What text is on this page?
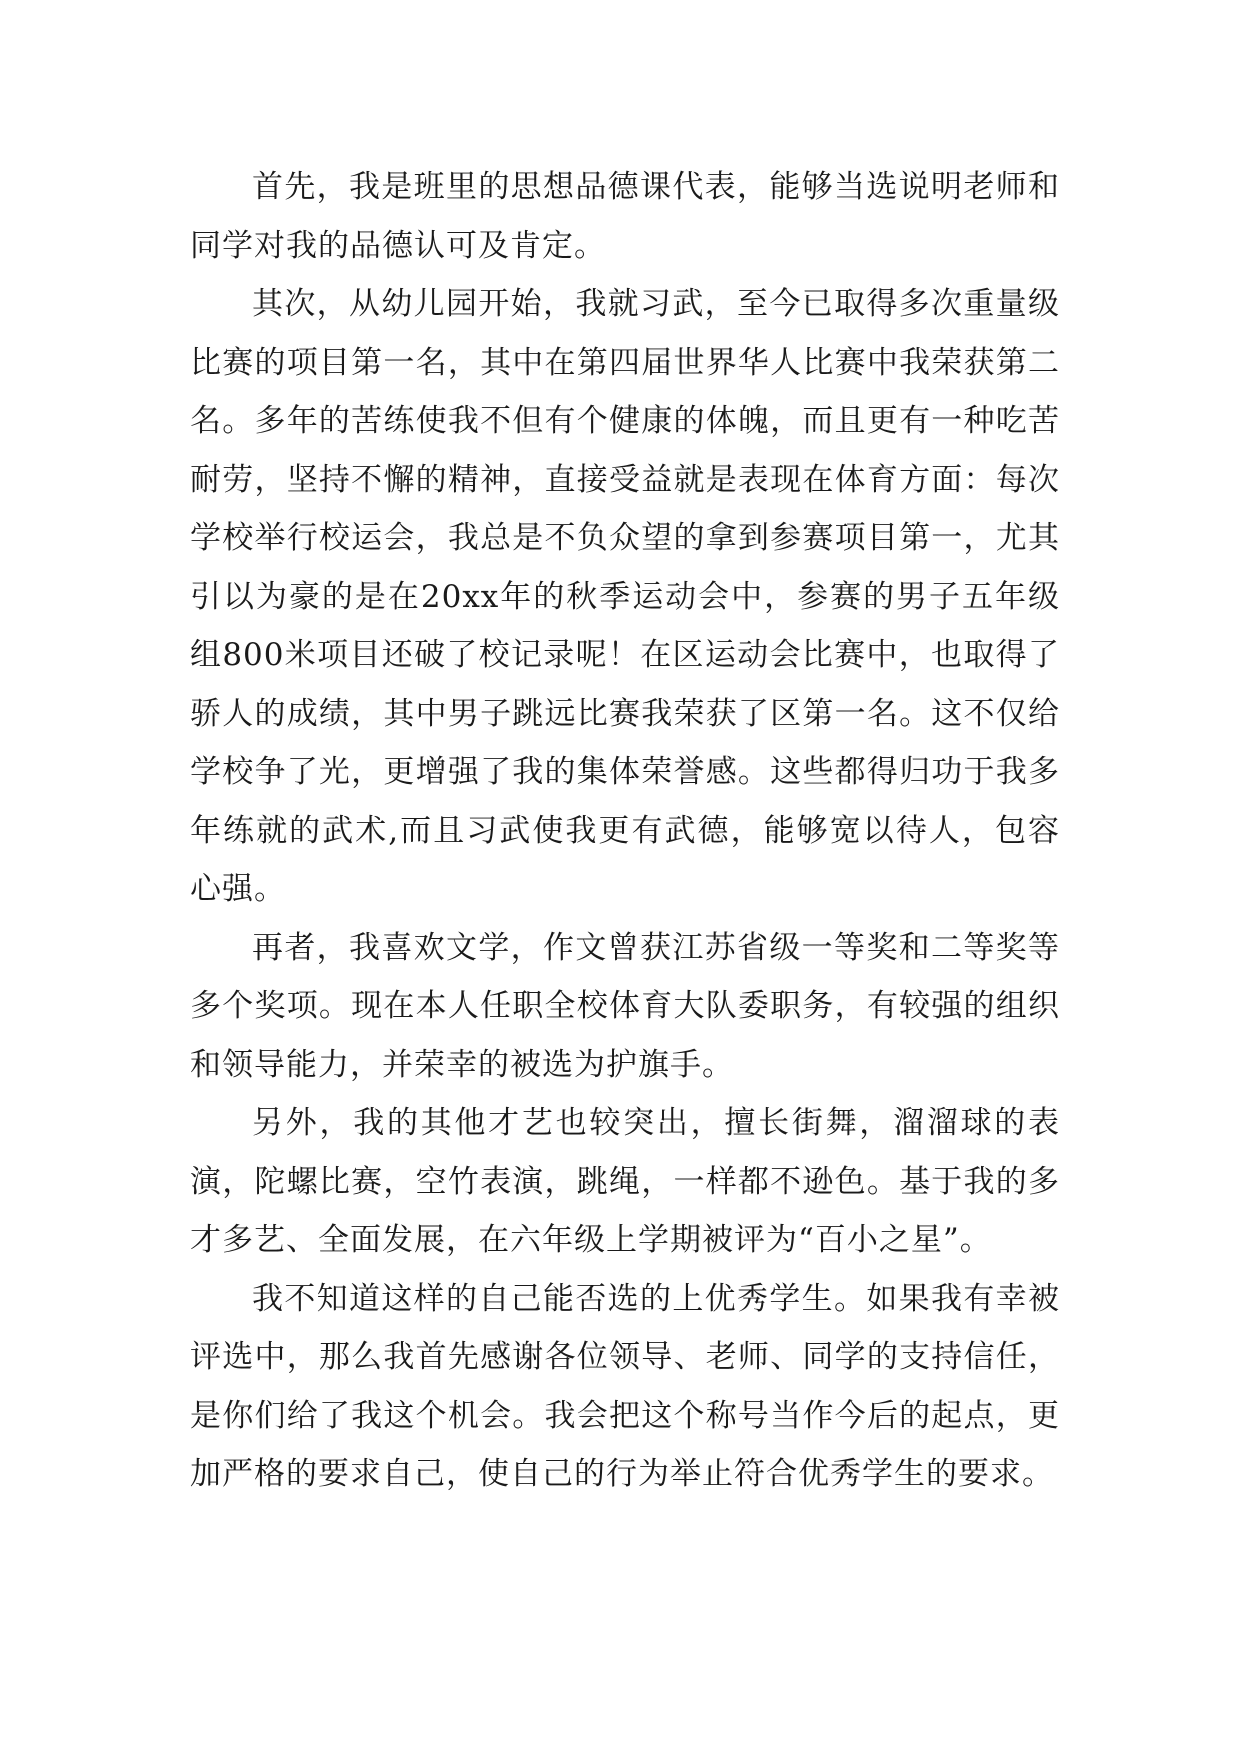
首先，我是班里的思想品德课代表，能够当选说明老师和同学对我的品德认可及肯定。

其次，从幼儿园开始，我就习武，至今已取得多次重量级比赛的项目第一名，其中在第四届世界华人比赛中我荣获第二名。多年的苦练使我不但有个健康的体魄，而且更有一种吃苦耐劳，坚持不懈的精神，直接受益就是表现在体育方面：每次学校举行校运会，我总是不负众望的拿到参赛项目第一，尤其引以为豪的是在20xx年的秋季运动会中，参赛的男子五年级组800米项目还破了校记录呢！在区运动会比赛中，也取得了骄人的成绩，其中男子跳远比赛我荣获了区第一名。这不仅给学校争了光，更增强了我的集体荣誉感。这些都得归功于我多年练就的武术,而且习武使我更有武德，能够宽以待人，包容心强。

再者，我喜欢文学，作文曾获江苏省级一等奖和二等奖等多个奖项。现在本人任职全校体育大队委职务，有较强的组织和领导能力，并荣幸的被选为护旗手。

另外，我的其他才艺也较突出，擅长街舞，溜溜球的表演，陀螺比赛，空竹表演，跳绳，一样都不逊色。基于我的多才多艺、全面发展，在六年级上学期被评为“百小之星”。

我不知道这样的自己能否选的上优秀学生。如果我有幸被评选中，那么我首先感谢各位领导、老师、同学的支持信任，是你们给了我这个机会。我会把这个称号当作今后的起点，更加严格的要求自己，使自己的行为举止符合优秀学生的要求。
